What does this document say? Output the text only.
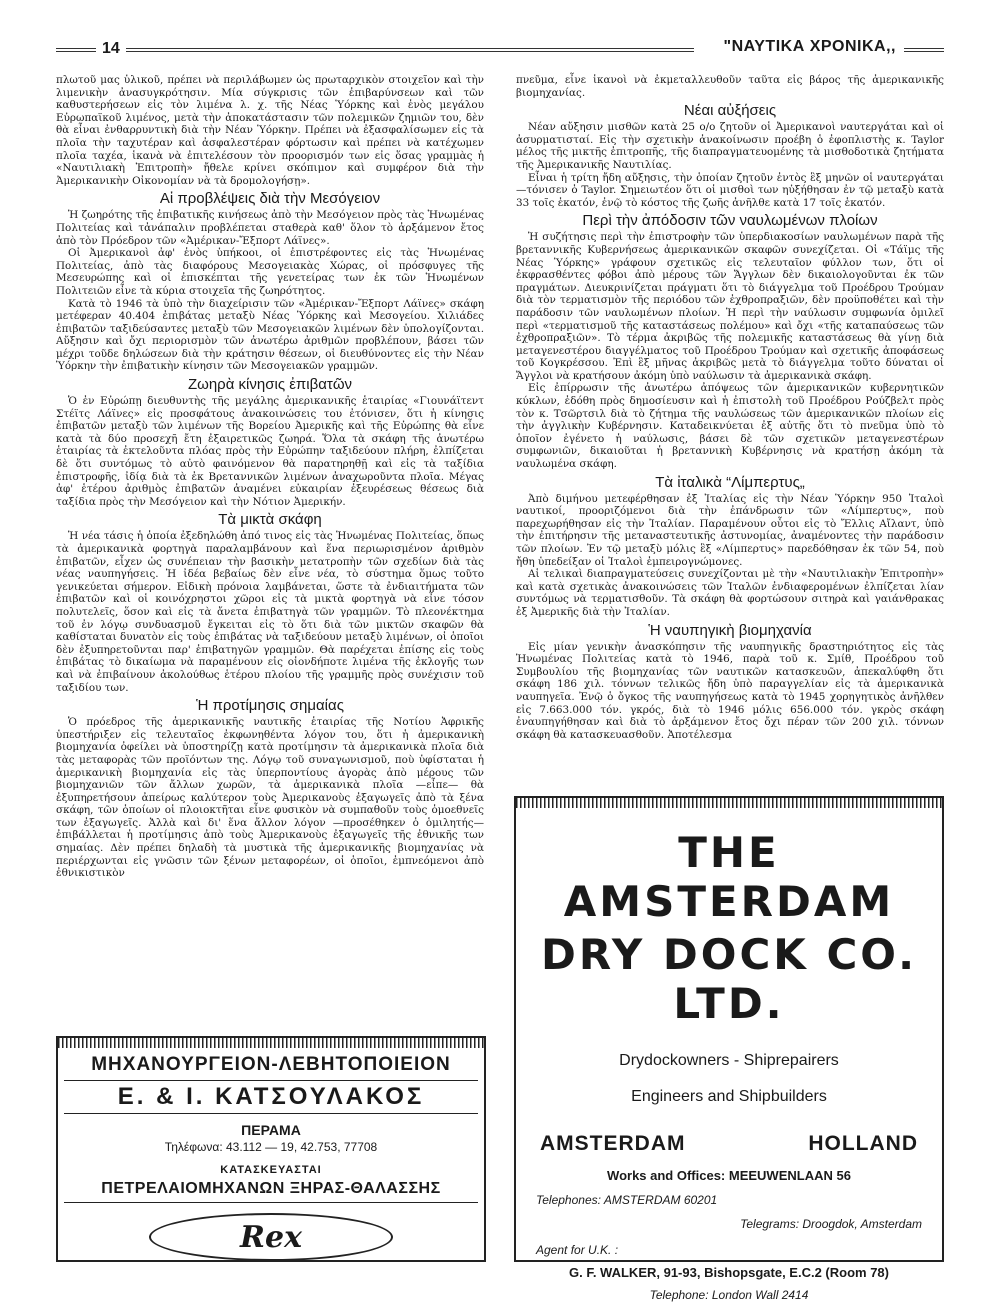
14	"ΝΑΥΤΙΚΑ ΧΡΟΝΙΚΑ,,

πλωτοῦ μας ὑλικοῦ, πρέπει νὰ περιλάβωμεν ὡς πρωταρχικὸν στοιχεῖον καὶ τὴν λιμενικὴν ἀνασυγκρότησιν. Μία σύγκρισις τῶν ἐπιβαρύνσεων καὶ τῶν καθυστερήσεων εἰς τὸν λιμένα λ. χ. τῆς Νέας Ὑόρκης καὶ ἑνὸς μεγάλου Εὐρωπαϊκοῦ λιμένος, μετὰ τὴν ἀποκατάστασιν τῶν πολεμικῶν ζημιῶν του, δὲν θὰ εἶναι ἐνθαρρυντικὴ διὰ τὴν Νέαν Ὑόρκην. Πρέπει νὰ ἐξασφαλίσωμεν εἰς τὰ πλοῖα τὴν ταχυτέραν καὶ ἀσφαλεστέραν φόρτωσιν καὶ πρέπει νὰ κατέχωμεν πλοῖα ταχέα, ἱκανὰ νὰ ἐπιτελέσουν τὸν προορισμόν των εἰς ὅσας γραμμὰς ἡ «Ναυτιλιακὴ Ἐπιτροπὴ» ἤθελε κρίνει σκόπιμον καὶ συμφέρον διὰ τὴν Ἀμερικανικὴν Οἰκονομίαν νὰ τὰ δρομολογήσῃ».

Αἱ προβλέψεις διὰ τὴν Μεσόγειον

Ἡ ζωηρότης τῆς ἐπιβατικῆς κινήσεως ἀπὸ τὴν Μεσόγειον πρὸς τὰς Ἡνωμένας Πολιτείας καὶ τἀνάπαλιν προβλέπεται σταθερὰ καθ' ὅλον τὸ ἀρξάμενον ἔτος ἀπὸ τὸν Πρόεδρον τῶν «Ἀμέρικαν-Ἔξπορτ Λάϊνες».

Οἱ Ἀμερικανοὶ ἀφ' ἑνὸς ὑπήκοοι, οἱ ἐπιστρέφοντες εἰς τὰς Ἡνωμένας Πολιτείας, ἀπὸ τὰς διαφόρους Μεσογειακὰς Χώρας, οἱ πρόσφυγες τῆς Μεσευρώπης καὶ οἱ ἐπισκέπται τῆς γενετείρας των ἐκ τῶν Ἡνωμένων Πολιτειῶν εἶνε τὰ κύρια στοιχεῖα τῆς ζωηρότητος.

Κατὰ τὸ 1946 τὰ ὑπὸ τὴν διαχείρισιν τῶν «Ἀμέρικαν-Ἔξπορτ Λάϊνες» σκάφη μετέφεραν 40.404 ἐπιβάτας μεταξὺ Νέας Ὑόρκης καὶ Μεσογείου. Χιλιάδες ἐπιβατῶν ταξιδεύσαντες μεταξὺ τῶν Μεσογειακῶν λιμένων δὲν ὑπολογίζονται. Αὔξησιν καὶ ὄχι περιορισμὸν τῶν ἀνωτέρω ἀριθμῶν προβλέπουν, βάσει τῶν μέχρι τοῦδε δηλώσεων διὰ τὴν κράτησιν θέσεων, οἱ διευθύνοντες εἰς τὴν Νέαν Ὑόρκην τὴν ἐπιβατικὴν κίνησιν τῶν Μεσογειακῶν γραμμῶν.

Ζωηρὰ κίνησις ἐπιβατῶν

Ὁ ἐν Εὐρώπῃ διευθυντὴς τῆς μεγάλης ἀμερικανικῆς ἑταιρίας «Γιουνάϊτεντ Στέϊτς Λάϊνες» εἰς προσφάτους ἀνακοινώσεις του ἐτόνισεν, ὅτι ἡ κίνησις ἐπιβατῶν μεταξὺ τῶν λιμένων τῆς Βορείου Ἀμερικῆς καὶ τῆς Εὐρώπης θὰ εἶνε κατὰ τὰ δύο προσεχῆ ἔτη ἐξαιρετικῶς ζωηρά. Ὅλα τὰ σκάφη τῆς ἀνωτέρω ἑταιρίας τὰ ἐκτελοῦντα πλόας πρὸς τὴν Εὐρώπην ταξιδεύουν πλήρη, ἐλπίζεται δὲ ὅτι συντόμως τὸ αὐτὸ φαινόμενον θὰ παρατηρηθῇ καὶ εἰς τὰ ταξίδια ἐπιστροφῆς, ἰδίᾳ διὰ τὰ ἐκ Βρεταννικῶν λιμένων ἀναχωροῦντα πλοῖα. Μέγας ἀφ' ἑτέρου ἀριθμὸς ἐπιβατῶν ἀναμένει εὐκαιρίαν ἐξευρέσεως θέσεως διὰ ταξίδια πρὸς τὴν Μεσόγειον καὶ τὴν Νότιον Ἀμερικήν.

Τὰ μικτὰ σκάφη

Ἡ νέα τάσις ἡ ὁποία ἐξεδηλώθη ἀπό τινος εἰς τὰς Ἡνωμένας Πολιτείας, ὅπως τὰ ἀμερικανικὰ φορτηγὰ παραλαμβάνουν καὶ ἕνα περιωρισμένον ἀριθμὸν ἐπιβατῶν, εἶχεν ὡς συνέπειαν τὴν βασικὴν μετατροπὴν τῶν σχεδίων διὰ τὰς νέας ναυπηγήσεις. Ἡ ἰδέα βεβαίως δὲν εἶνε νέα, τὸ σύστημα ὅμως τοῦτο γενικεύεται σήμερον. Εἰδικὴ πρόνοια λαμβάνεται, ὥστε τὰ ἐνδιαιτήματα τῶν ἐπιβατῶν καὶ οἱ κοινόχρηστοι χῶροι εἰς τὰ μικτὰ φορτηγὰ νὰ εἶνε τόσον πολυτελεῖς, ὅσον καὶ εἰς τὰ ἄνετα ἐπιβατηγὰ τῶν γραμμῶν. Τὸ πλεονέκτημα τοῦ ἐν λόγῳ συνδυασμοῦ ἔγκειται εἰς τὸ ὅτι διὰ τῶν μικτῶν σκαφῶν θὰ καθίσταται δυνατὸν εἰς τοὺς ἐπιβάτας νὰ ταξιδεύουν μεταξὺ λιμένων, οἱ ὁποῖοι δὲν ἐξυπηρετοῦνται παρ' ἐπιβατηγῶν γραμμῶν. Θὰ παρέχεται ἐπίσης εἰς τοὺς ἐπιβάτας τὸ δικαίωμα νὰ παραμένουν εἰς οἱονδήποτε λιμένα τῆς ἐκλογῆς των καὶ νὰ ἐπιβαίνουν ἀκολούθως ἑτέρου πλοίου τῆς γραμμῆς πρὸς συνέχισιν τοῦ ταξιδίου των.

Ἡ προτίμησις σημαίας

Ὁ πρόεδρος τῆς ἀμερικανικῆς ναυτικῆς ἑταιρίας τῆς Νοτίου Ἀφρικῆς ὑπεστήριξεν εἰς τελευταῖος ἐκφωνηθέντα λόγον του, ὅτι ἡ ἀμερικανικὴ βιομηχανία ὀφείλει νὰ ὑποστηρίζῃ κατὰ προτίμησιν τὰ ἀμερικανικὰ πλοῖα διὰ τὰς μεταφορὰς τῶν προϊόντων της. Λόγῳ τοῦ συναγωνισμοῦ, ποὺ ὑφίσταται ἡ ἀμερικανικὴ βιομηχανία εἰς τὰς ὑπερποντίους ἀγορὰς ἀπὸ μέρους τῶν βιομηχανιῶν τῶν ἄλλων χωρῶν, τὰ ἀμερικανικὰ πλοῖα —εἶπε— θὰ ἐξυπηρετήσουν ἀπείρως καλύτερον τοὺς Ἀμερικανοὺς ἐξαγωγεῖς ἀπὸ τὰ ξένα σκάφη, τῶν ὁποίων οἱ πλοιοκτῆται εἶνε φυσικὸν νὰ συμπαθοῦν τοὺς ὁμοεθνεῖς των ἐξαγωγεῖς. Ἀλλὰ καὶ δι' ἕνα ἄλλον λόγον —προσέθηκεν ὁ ὁμιλητής— ἐπιβάλλεται ἡ προτίμησις ἀπὸ τοὺς Ἀμερικανοὺς ἐξαγωγεῖς τῆς ἐθνικῆς των σημαίας. Δὲν πρέπει δηλαδὴ τὰ μυστικὰ τῆς ἀμερικανικῆς βιομηχανίας νὰ περιέρχωνται εἰς γνῶσιν τῶν ξένων μεταφορέων, οἱ ὁποῖοι, ἐμπνεόμενοι ἀπὸ ἐθνικιστικὸν

πνεῦμα, εἶνε ἱκανοὶ νὰ ἐκμεταλλευθοῦν ταῦτα εἰς βάρος τῆς ἀμερικανικῆς βιομηχανίας.

Νέαι αὐξήσεις

Νέαν αὔξησιν μισθῶν κατὰ 25 ο/ο ζητοῦν οἱ Ἀμερικανοὶ ναυτεργάται καὶ οἱ ἀσυρματισταί. Εἰς τὴν σχετικὴν ἀνακοίνωσιν προέβη ὁ ἐφοπλιστὴς κ. Taylor μέλος τῆς μικτῆς ἐπιτροπῆς, τῆς διαπραγματευομένης τὰ μισθοδοτικὰ ζητήματα τῆς Ἀμερικανικῆς Ναυτιλίας.

Εἶναι ἡ τρίτη ἤδη αὔξησις, τὴν ὁποίαν ζητοῦν ἐντὸς ἓξ μηνῶν οἱ ναυτεργάται —τόνισεν ὁ Taylor. Σημειωτέον ὅτι οἱ μισθοὶ των ηὐξήθησαν ἐν τῷ μεταξὺ κατὰ 33 τοῖς ἑκατόν, ἐνῷ τὸ κόστος τῆς ζωῆς ἀνῆλθε κατὰ 17 τοῖς ἑκατόν.

Περὶ τὴν ἀπόδοσιν τῶν ναυλωμένων πλοίων

Ἡ συζήτησις περὶ τὴν ἐπιστροφὴν τῶν ὑπερδιακοσίων ναυλωμένων παρὰ τῆς βρεταννικῆς Κυβερνήσεως ἀμερικανικῶν σκαφῶν συνεχίζεται. Οἱ «Τάϊμς τῆς Νέας Ὑόρκης» γράφουν σχετικῶς εἰς τελευταῖον φύλλον των, ὅτι οἱ ἐκφρασθέντες φόβοι ἀπὸ μέρους τῶν Ἄγγλων δὲν δικαιολογοῦνται ἐκ τῶν πραγμάτων. Διευκρινίζεται πράγματι ὅτι τὸ διάγγελμα τοῦ Προέδρου Τρούμαν διὰ τὸν τερματισμὸν τῆς περιόδου τῶν ἐχθροπραξιῶν, δὲν προϋποθέτει καὶ τὴν παράδοσιν τῶν ναυλωμένων πλοίων. Ἡ περὶ τὴν ναύλωσιν συμφωνία ὁμιλεῖ περὶ «τερματισμοῦ τῆς καταστάσεως πολέμου» καὶ ὄχι «τῆς καταπαύσεως τῶν ἐχθροπραξιῶν». Τὸ τέρμα ἀκριβῶς τῆς πολεμικῆς καταστάσεως θὰ γίνῃ διὰ μεταγενεστέρου διαγγέλματος τοῦ Προέδρου Τρούμαν καὶ σχετικῆς ἀποφάσεως τοῦ Κογκρέσσου. Ἐπὶ ἓξ μῆνας ἀκριβῶς μετὰ τὸ διάγγελμα τοῦτο δύναται οἱ Ἄγγλοι νὰ κρατήσουν ἀκόμη ὑπὸ ναύλωσιν τὰ ἀμερικανικὰ σκάφη.

Εἰς ἐπίρρωσιν τῆς ἀνωτέρω ἀπόψεως τῶν ἀμερικανικῶν κυβερνητικῶν κύκλων, ἐδόθη πρὸς δημοσίευσιν καὶ ἡ ἐπιστολὴ τοῦ Προέδρου Ρούζβελτ πρὸς τὸν κ. Τσῶρτσιλ διὰ τὸ ζήτημα τῆς ναυλώσεως τῶν ἀμερικανικῶν πλοίων εἰς τὴν ἀγγλικὴν Κυβέρνησιν. Καταδεικνύεται ἐξ αὐτῆς ὅτι τὸ πνεῦμα ὑπὸ τὸ ὁποῖον ἐγένετο ἡ ναύλωσις, βάσει δὲ τῶν σχετικῶν μεταγενεστέρων συμφωνιῶν, δικαιοῦται ἡ βρεταννικὴ Κυβέρνησις νὰ κρατήσῃ ἀκόμη τὰ ναυλωμένα σκάφη.

Τὰ ἰταλικὰ “Λίμπερτυς„

Ἀπὸ διμήνου μετεφέρθησαν ἐξ Ἰταλίας εἰς τὴν Νέαν Ὑόρκην 950 Ἰταλοὶ ναυτικοί, προοριζόμενοι διὰ τὴν ἐπάνδρωσιν τῶν «Λίμπερτυς», ποὺ παρεχωρήθησαν εἰς τὴν Ἰταλίαν. Παραμένουν οὗτοι εἰς τὸ Ἔλλις Αἴλαντ, ὑπὸ τὴν ἐπιτήρησιν τῆς μεταναστευτικῆς ἀστυνομίας, ἀναμένοντες τὴν παράδοσιν τῶν πλοίων. Ἐν τῷ μεταξὺ μόλις ἓξ «Λίμπερτυς» παρεδόθησαν ἐκ τῶν 54, ποὺ ἤθη ὑπεδείξαν οἱ Ἰταλοὶ ἐμπειρογνώμονες.

Αἱ τελικαὶ διαπραγματεύσεις συνεχίζονται μὲ τὴν «Ναυτιλιακὴν Ἐπιτροπὴν» καὶ κατὰ σχετικὰς ἀνακοινώσεις τῶν Ἰταλῶν ἐνδιαφερομένων ἐλπίζεται λίαν συντόμως νὰ τερματισθοῦν. Τὰ σκάφη θὰ φορτώσουν σιτηρὰ καὶ γαιάνθρακας ἐξ Ἀμερικῆς διὰ τὴν Ἰταλίαν.

Ἡ ναυπηγικὴ βιομηχανία

Εἰς μίαν γενικὴν ἀνασκόπησιν τῆς ναυπηγικῆς δραστηριότητος εἰς τὰς Ἡνωμένας Πολιτείας κατὰ τὸ 1946, παρὰ τοῦ κ. Σμίθ, Προέδρου τοῦ Συμβουλίου τῆς βιομηχανίας τῶν ναυτικῶν κατασκευῶν, ἀπεκαλύφθη ὅτι σκάφη 186 χιλ. τόννων τελικῶς ἤδη ὑπὸ παραγγελίαν εἰς τὰ ἀμερικανικὰ ναυπηγεῖα. Ἐνῷ ὁ ὄγκος τῆς ναυπηγήσεως κατὰ τὸ 1945 χορηγητικὸς ἀνῆλθεν εἰς 7.663.000 τόν. γκρός, διὰ τὸ 1946 μόλις 656.000 τόν. γκρὸς σκάφη ἐναυπηγήθησαν καὶ διὰ τὸ ἀρξάμενον ἔτος ὄχι πέραν τῶν 200 χιλ. τόννων σκάφη θὰ κατασκευασθοῦν. Ἀποτέλεσμα

ΜΗΧΑΝΟΥΡΓΕΙΟΝ-ΛΕΒΗΤΟΠΟΙΕΙΟΝ
Ε. & Ι. ΚΑΤΣΟΥΛΑΚΟΣ
ΠΕΡΑΜΑ
Τηλέφωνα: 43.112 — 19, 42.753, 77708
ΚΑΤΑΣΚΕΥΑΣΤΑΙ
ΠΕΤΡΕΛΑΙΟΜΗΧΑΝΩΝ ΞΗΡΑΣ-ΘΑΛΑΣΣΗΣ
Rex
THE AMSTERDAM
DRY DOCK CO. LTD.
Drydockowners - Shiprepairers
Engineers and Shipbuilders
AMSTERDAM	HOLLAND
Works and Offices: MEEUWENLAAN 56
Telephones: AMSTERDAM 60201
Telegrams: Droogdok, Amsterdam
Agent for U.K. :
G. F. WALKER, 91-93, Bishopsgate, E.C.2 (Room 78)
Telephone: London Wall 2414
